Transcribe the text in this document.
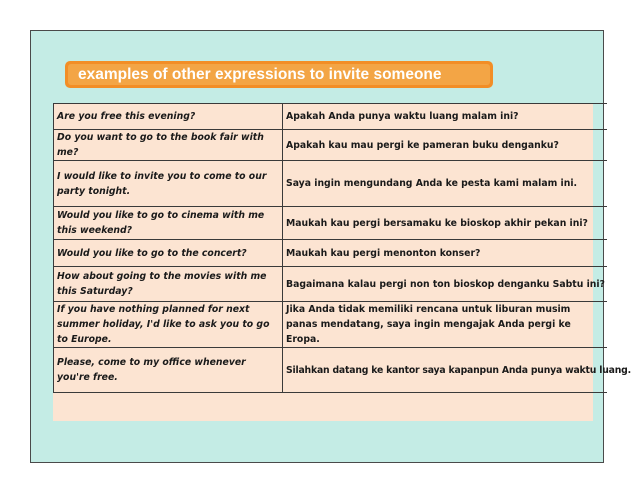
examples of other expressions to invite someone
Are you free this evening?	Apakah Anda punya waktu luang malam ini?
Do you want to go to the book fair with me?	Apakah kau mau pergi ke pameran buku denganku?
I would like to invite you to come to our party tonight.	Saya ingin mengundang Anda ke pesta kami malam ini.
Would you like to go to cinema with me this weekend?	Maukah kau pergi bersamaku ke bioskop akhir pekan ini?
Would you like to go to the concert?	Maukah kau pergi menonton konser?
How about going to the movies with me this Saturday?	Bagaimana kalau pergi non ton bioskop denganku Sabtu ini?
If you have nothing planned for next summer holiday, I'd like to ask you to go to Europe.	Jika Anda tidak memiliki rencana untuk liburan musim panas mendatang, saya ingin mengajak Anda pergi ke Eropa.
Please, come to my office whenever you're free.	Silahkan datang ke kantor saya kapanpun Anda punya waktu luang.
